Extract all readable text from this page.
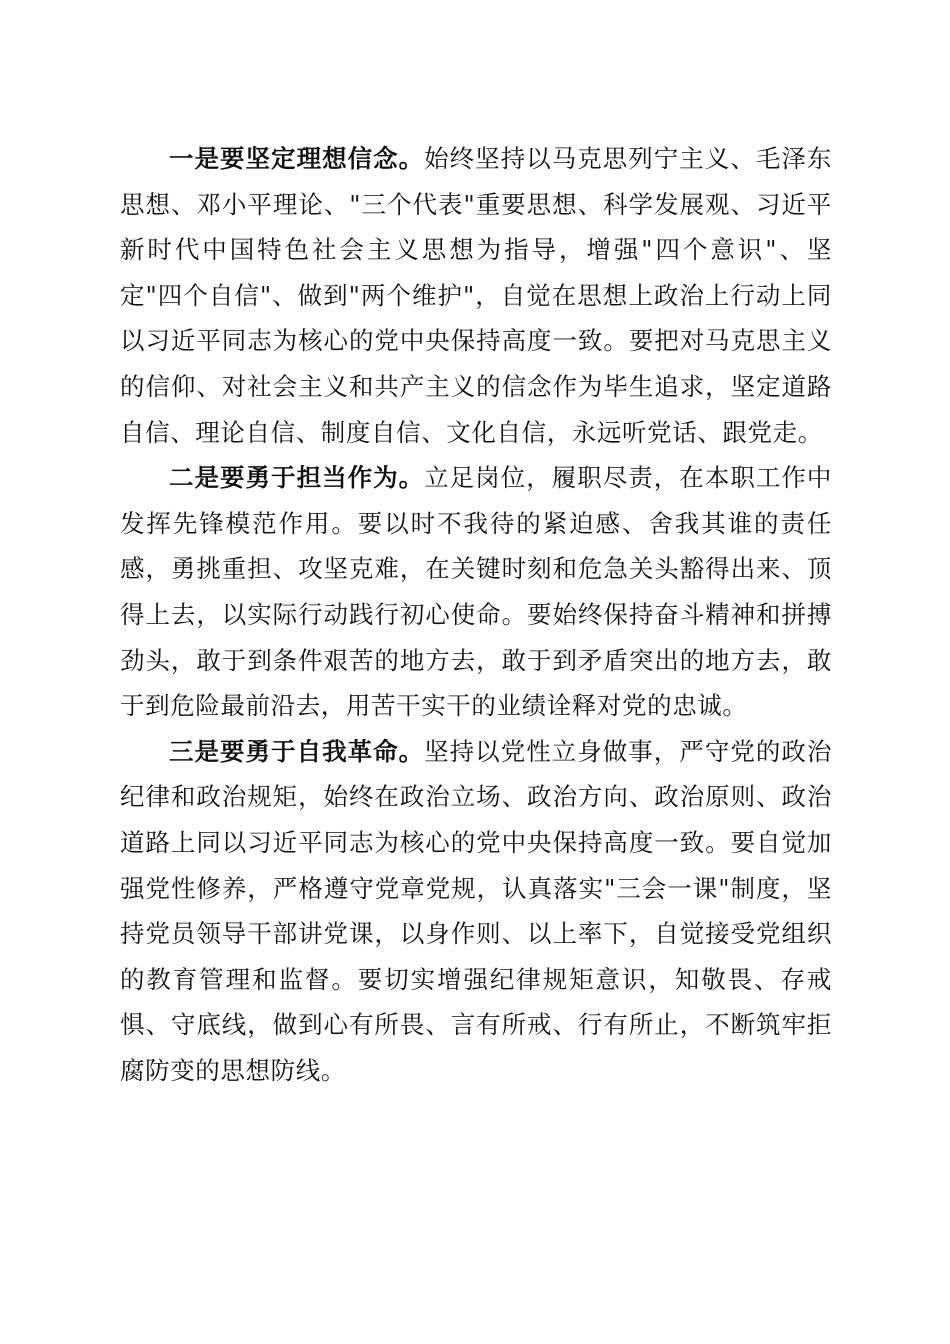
一是要坚定理想信念。始终坚持以马克思列宁主义、毛泽东思想、邓小平理论、"三个代表"重要思想、科学发展观、习近平新时代中国特色社会主义思想为指导，增强"四个意识"、坚定"四个自信"、做到"两个维护"，自觉在思想上政治上行动上同以习近平同志为核心的党中央保持高度一致。要把对马克思主义的信仰、对社会主义和共产主义的信念作为毕生追求，坚定道路自信、理论自信、制度自信、文化自信，永远听党话、跟党走。

二是要勇于担当作为。立足岗位，履职尽责，在本职工作中发挥先锋模范作用。要以时不我待的紧迫感、舍我其谁的责任感，勇挑重担、攻坚克难，在关键时刻和危急关头豁得出来、顶得上去，以实际行动践行初心使命。要始终保持奋斗精神和拼搏劲头，敢于到条件艰苦的地方去，敢于到矛盾突出的地方去，敢于到危险最前沿去，用苦干实干的业绩诠释对党的忠诚。

三是要勇于自我革命。坚持以党性立身做事，严守党的政治纪律和政治规矩，始终在政治立场、政治方向、政治原则、政治道路上同以习近平同志为核心的党中央保持高度一致。要自觉加强党性修养，严格遵守党章党规，认真落实"三会一课"制度，坚持党员领导干部讲党课，以身作则、以上率下，自觉接受党组织的教育管理和监督。要切实增强纪律规矩意识，知敬畏、存戒惧、守底线，做到心有所畏、言有所戒、行有所止，不断筑牢拒腐防变的思想防线。
